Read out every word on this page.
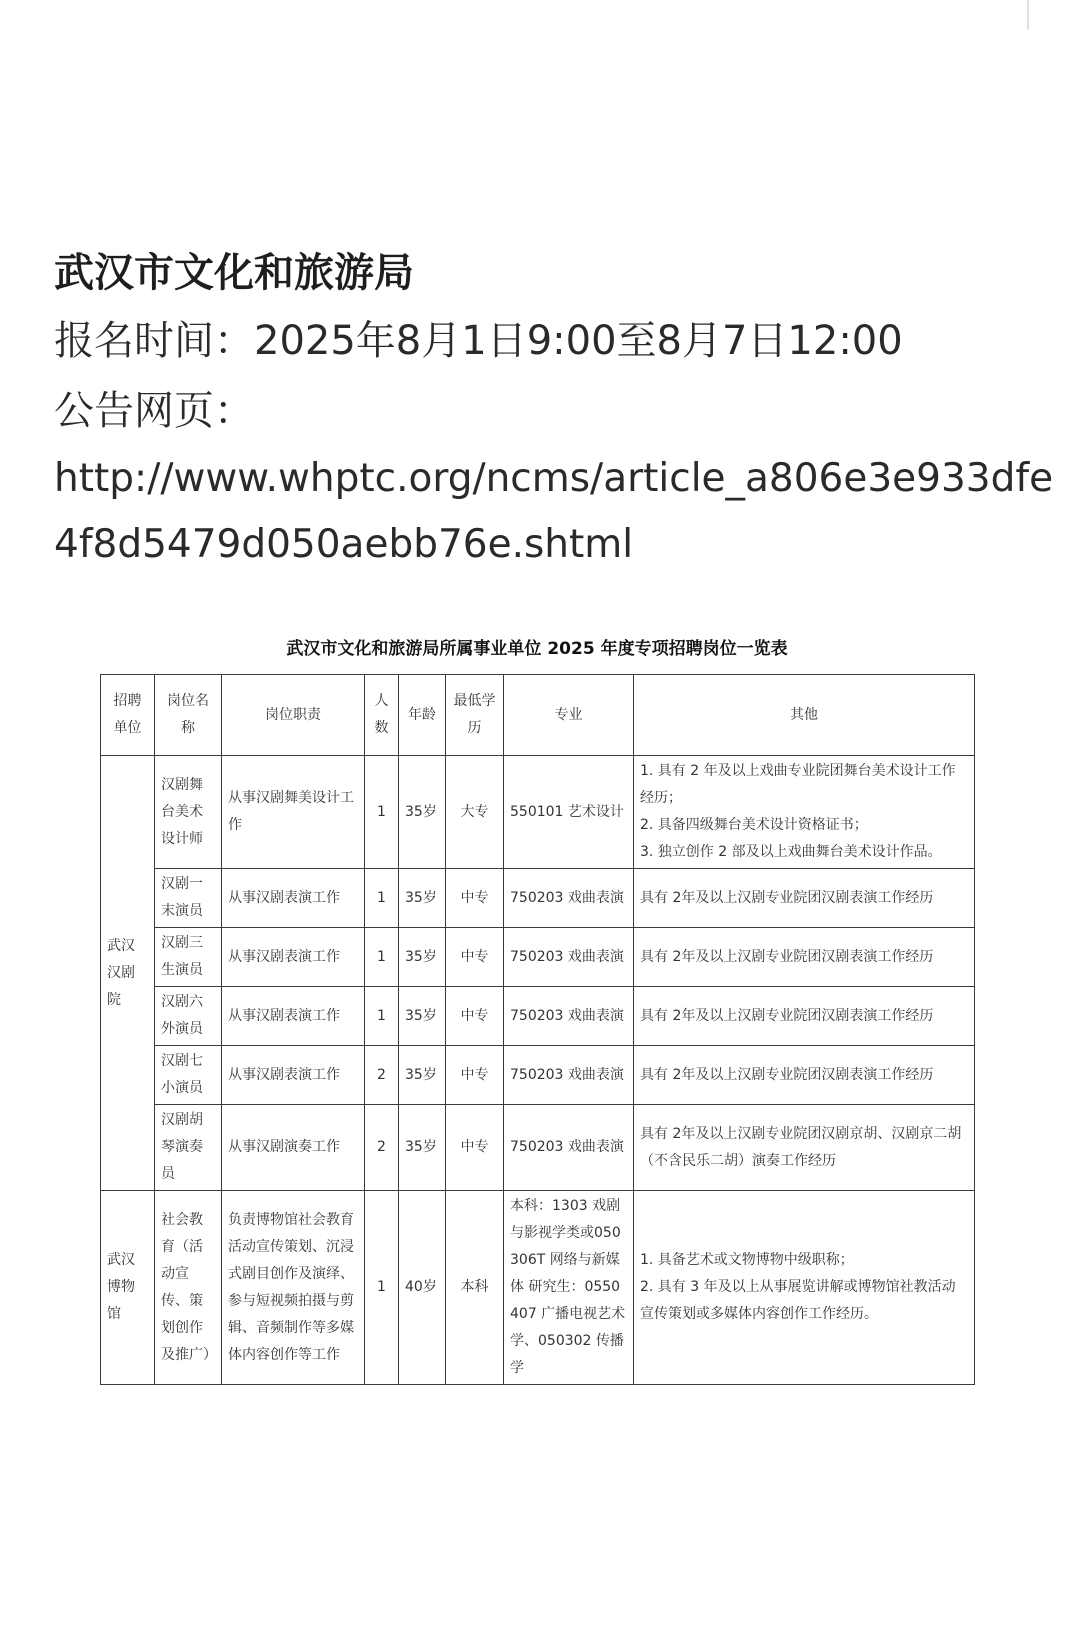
武汉市文化和旅游局
报名时间：2025年8月1日9:00至8月7日12:00
公告网页：
http://www.whptc.org/ncms/article_a806e3e933dfe4f8d5479d050aebb76e.shtml
武汉市文化和旅游局所属事业单位 2025 年度专项招聘岗位一览表
招聘单位	岗位名称	岗位职责	人数	年龄	最低学历	专业	其他
武汉汉剧院	汉剧舞台美术设计师	从事汉剧舞美设计工作	1	35岁	大专	550101 艺术设计	1. 具有 2 年及以上戏曲专业院团舞台美术设计工作经历；
2. 具备四级舞台美术设计资格证书；
3. 独立创作 2 部及以上戏曲舞台美术设计作品。

	汉剧一末演员	从事汉剧表演工作	1	35岁	中专	750203 戏曲表演	具有 2年及以上汉剧专业院团汉剧表演工作经历

	汉剧三生演员	从事汉剧表演工作	1	35岁	中专	750203 戏曲表演	具有 2年及以上汉剧专业院团汉剧表演工作经历

	汉剧六外演员	从事汉剧表演工作	1	35岁	中专	750203 戏曲表演	具有 2年及以上汉剧专业院团汉剧表演工作经历

	汉剧七小演员	从事汉剧表演工作	2	35岁	中专	750203 戏曲表演	具有 2年及以上汉剧专业院团汉剧表演工作经历

	汉剧胡琴演奏员	从事汉剧演奏工作	2	35岁	中专	750203 戏曲表演	具有 2年及以上汉剧专业院团汉剧京胡、汉剧京二胡（不含民乐二胡）演奏工作经历

武汉博物馆	社会教育（活动宣传、策划创作及推广）	负责博物馆社会教育活动宣传策划、沉浸式剧目创作及演绎、参与短视频拍摄与剪辑、音频制作等多媒体内容创作等工作	1	40岁	本科	本科：1303 戏剧与影视学类或050306T 网络与新媒体 研究生：0550407 广播电视艺术学、050302 传播学	1. 具备艺术或文物博物中级职称；
2. 具有 3 年及以上从事展览讲解或博物馆社教活动宣传策划或多媒体内容创作工作经历。
